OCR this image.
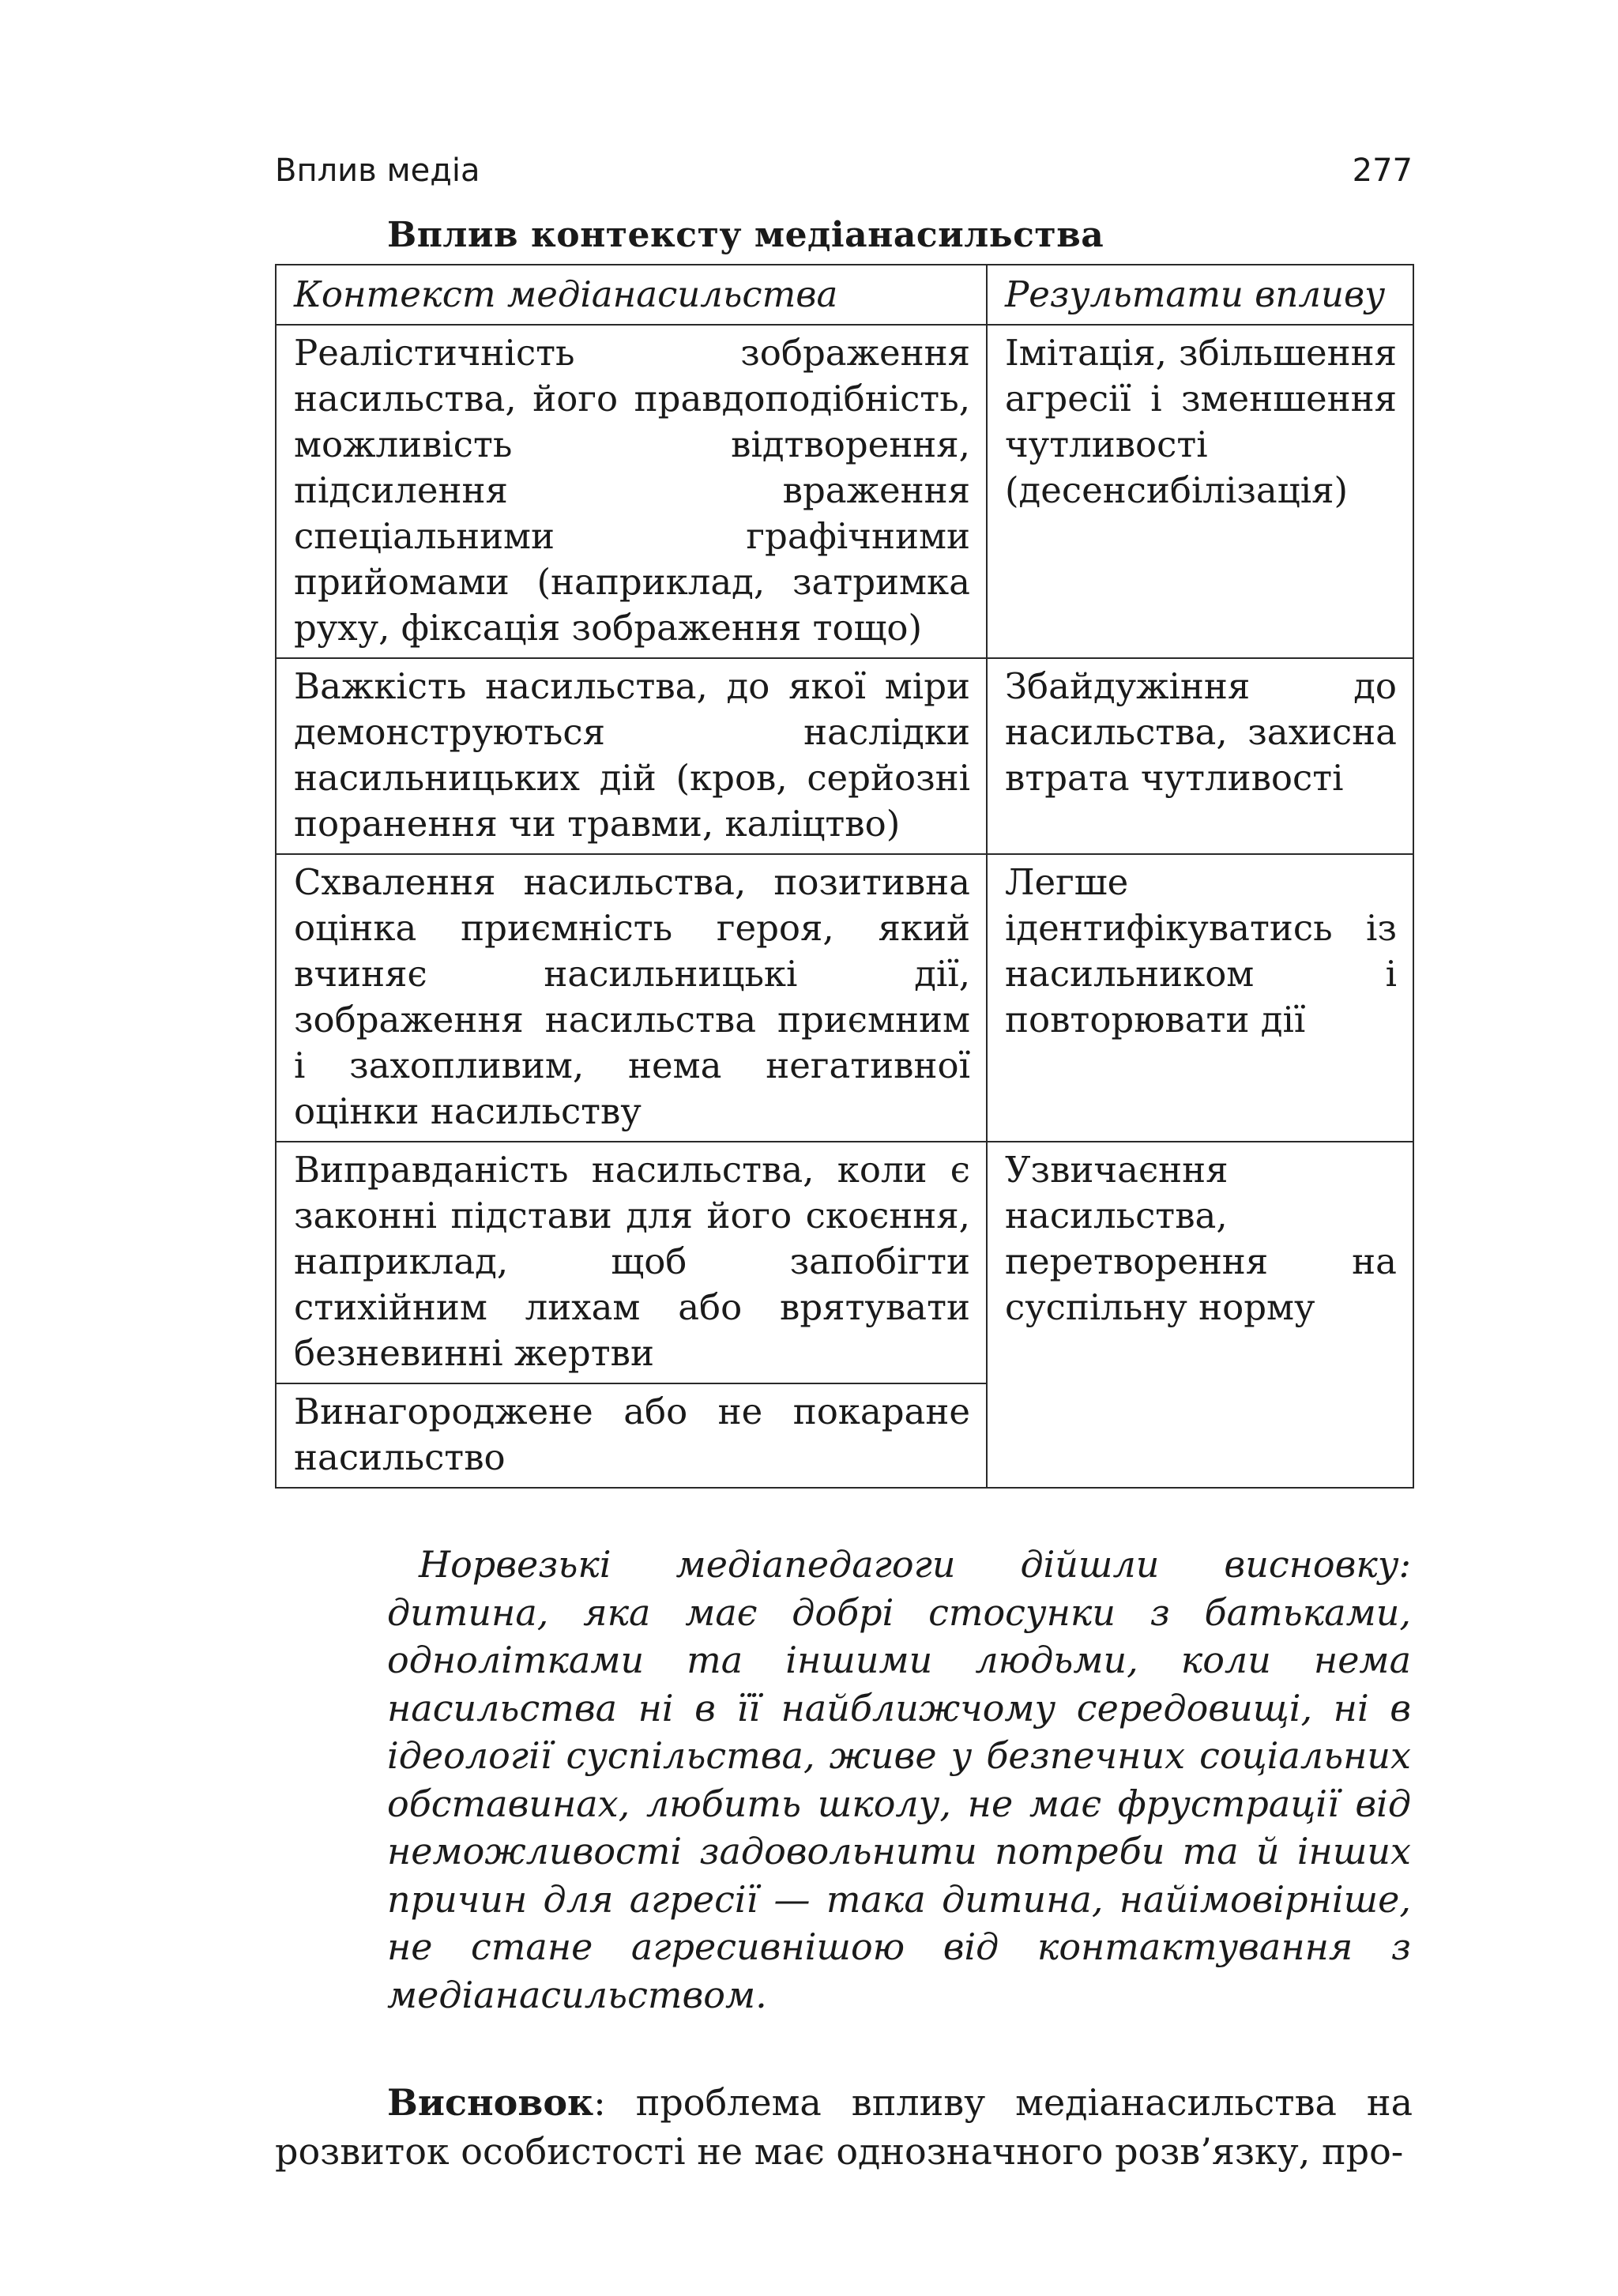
Вплив медіа	277
Вплив контексту медіанасильства
Контекст медіанасильства	Результати впливу
Реалістичність зображення насильства, його правдоподібність, можливість відтворення, підсилення враження спеціальними графічними прийомами (наприклад, затримка руху, фіксація зображення тощо)	Імітація, збільшення агресії і зменшення чутливості (десенсибілізація)
Важкість насильства, до якої міри демонструються наслідки насильницьких дій (кров, серйозні поранення чи травми, каліцтво)	Збайдужіння до насильства, захисна втрата чутливості
Схвалення насильства, позитивна оцінка приємність героя, який вчиняє насильницькі дії, зображення насильства приємним і захопливим, нема негативної оцінки насильству	Легше ідентифікуватись із насильником і повторювати дії
Виправданість насильства, коли є законні підстави для його скоєння, наприклад, щоб запобігти стихійним лихам або врятувати безневинні жертви	Узвичаєння насильства, перетворення на суспільну норму
Винагороджене або не покаране насильство	

Норвезькі медіапедагоги дійшли висновку: дитина, яка має добрі стосунки з батьками, однолітками та іншими людьми, коли нема насильства ні в її найближчому середовищі, ні в ідеології суспільства, живе у безпечних соціальних обставинах, любить школу, не має фрустрації від неможливості задовольнити потреби та й інших причин для агресії — така дитина, найімовірніше, не стане агресивнішою від контактування з медіанасильством.

Висновок: проблема впливу медіанасильства на розвиток особистості не має однозначного розв’язку, про-
